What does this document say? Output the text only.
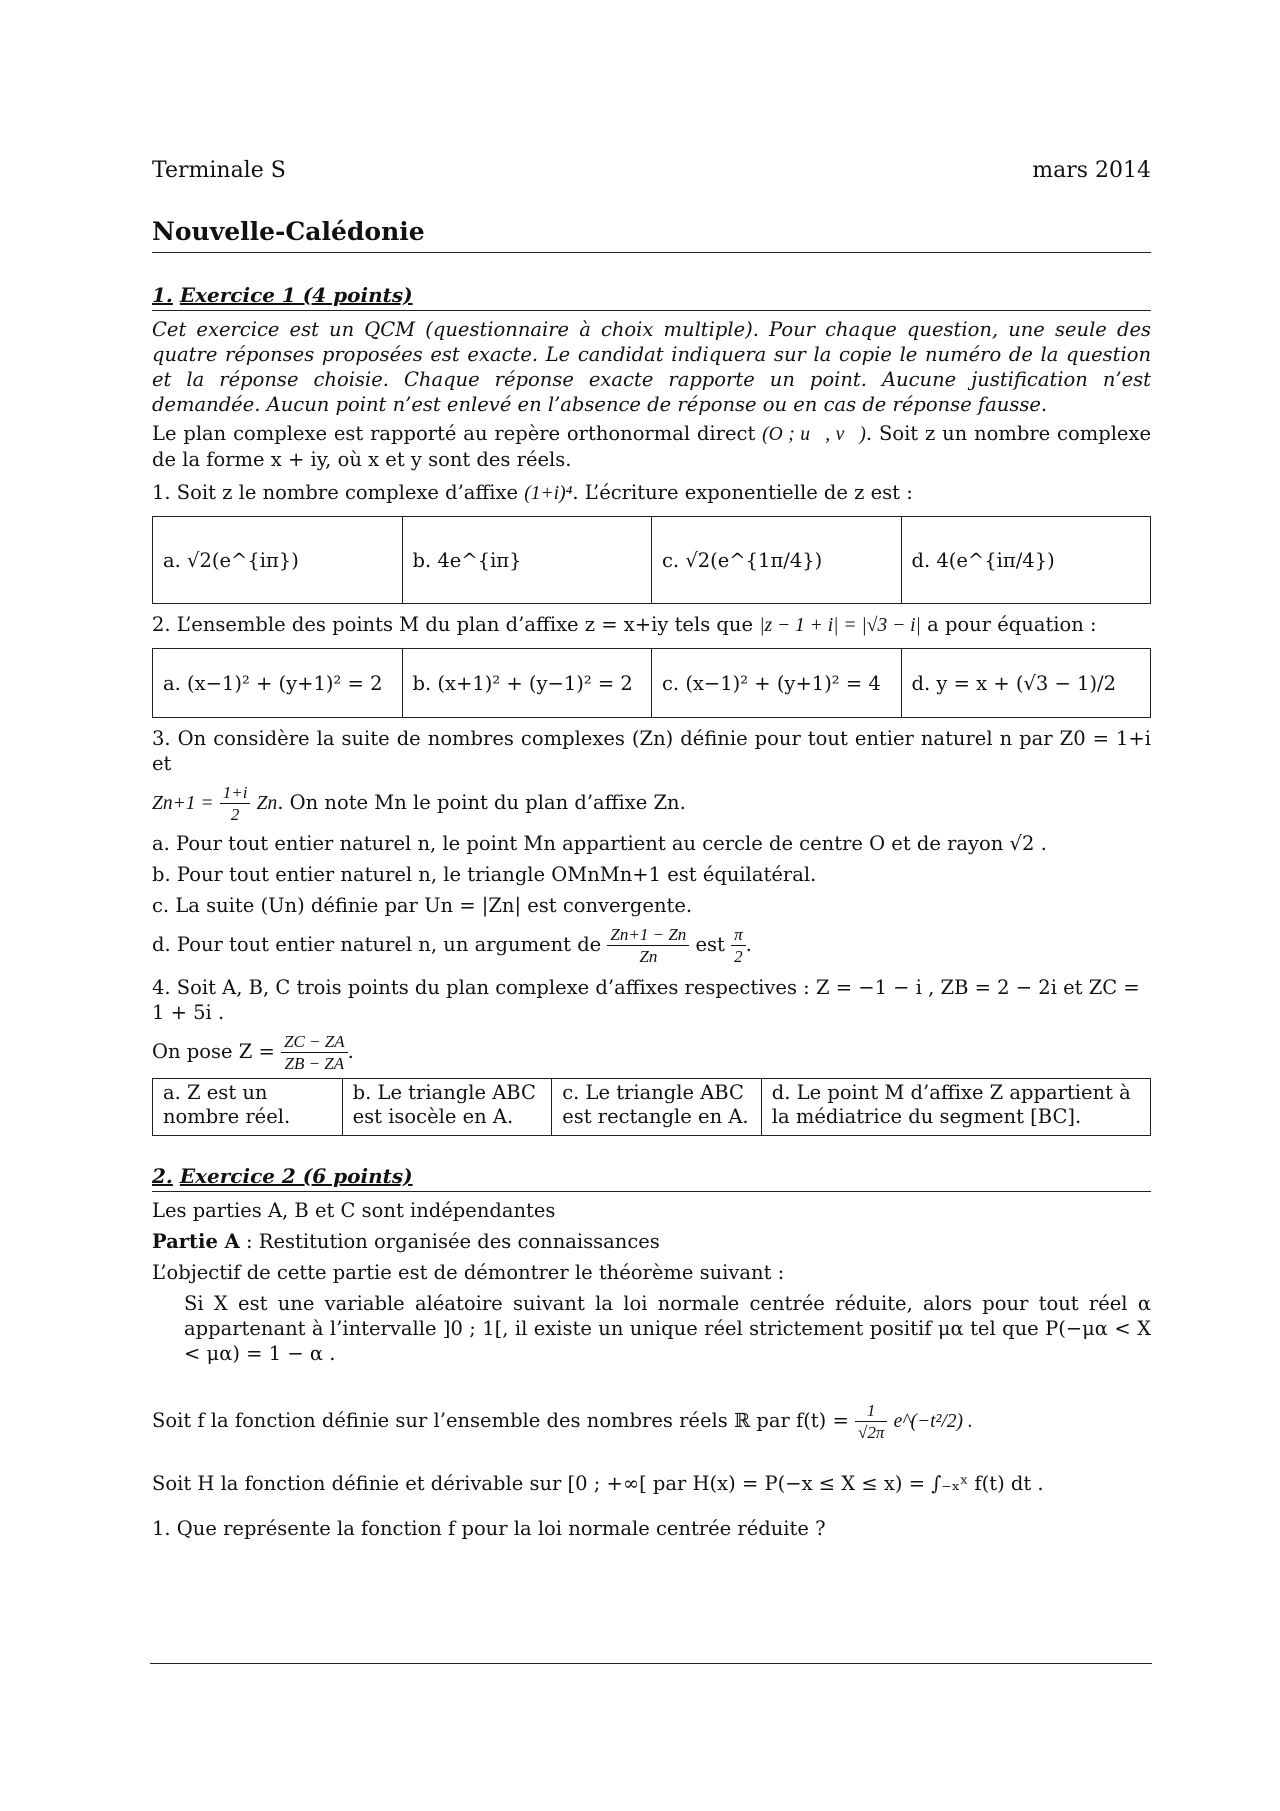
Terminale S	mars 2014
Nouvelle-Calédonie
1. Exercice 1 (4 points)

Cet exercice est un QCM (questionnaire à choix multiple). Pour chaque question, une seule des quatre réponses proposées est exacte. Le candidat indiquera sur la copie le numéro de la question et la réponse choisie. Chaque réponse exacte rapporte un point. Aucune justification n’est demandée. Aucun point n’est enlevé en l’absence de réponse ou en cas de réponse fausse.

Le plan complexe est rapporté au repère orthonormal direct (O ; u⃗, v⃗). Soit z un nombre complexe de la forme x + iy, où x et y sont des réels.

1. Soit z le nombre complexe d’affixe (1+i)⁴. L’écriture exponentielle de z est :

a. √2(e^{iπ})	b. 4e^{iπ}	c. √2(e^{1π/4})	d. 4(e^{iπ/4})

2. L’ensemble des points M du plan d’affixe z = x+iy tels que |z − 1 + i| = |√3 − i| a pour équation :

a. (x−1)² + (y+1)² = 2	b. (x+1)² + (y−1)² = 2	c. (x−1)² + (y+1)² = 4	d. y = x + (√3 − 1)/2

3. On considère la suite de nombres complexes (Zn) définie pour tout entier naturel n par Z0 = 1+i et

$Zn+1 = \frac{1+i}{2} Zn$. On note Mn le point du plan d’affixe Zn.

a. Pour tout entier naturel n, le point Mn appartient au cercle de centre O et de rayon √2 .

b. Pour tout entier naturel n, le triangle OMnMn+1 est équilatéral.

c. La suite (Un) définie par Un = |Zn| est convergente.

d. Pour tout entier naturel n, un argument de $\frac{Zn+1 - Zn}{Zn}$ est $\frac{\pi}{2}$ .

4. Soit A, B, C trois points du plan complexe d’affixes respectives : Z = −1 − i , ZB = 2 − 2i et ZC = 1 + 5i .

On pose $Z = \frac{ZC - ZA}{ZB - ZA}$ .

a. Z est un nombre réel.	b. Le triangle ABC est isocèle en A.	c. Le triangle ABC est rectangle en A.	d. Le point M d’affixe Z appartient à la médiatrice du segment [BC].
2. Exercice 2 (6 points)

Les parties A, B et C sont indépendantes

Partie A : Restitution organisée des connaissances

L’objectif de cette partie est de démontrer le théorème suivant :

Si X est une variable aléatoire suivant la loi normale centrée réduite, alors pour tout réel α appartenant à l’intervalle ]0 ; 1[, il existe un unique réel strictement positif μα tel que P(−μα < X < μα) = 1 − α .

Soit f la fonction définie sur l’ensemble des nombres réels ℝ par $f(t) = \frac{1}{√2\pi}$ e^(−t²/2) .

Soit H la fonction définie et dérivable sur [0 ; +∞[ par H(x) = P(−x ≤ X ≤ x) = ∫₋ₓˣ f(t) dt .

1. Que représente la fonction f pour la loi normale centrée réduite ?
